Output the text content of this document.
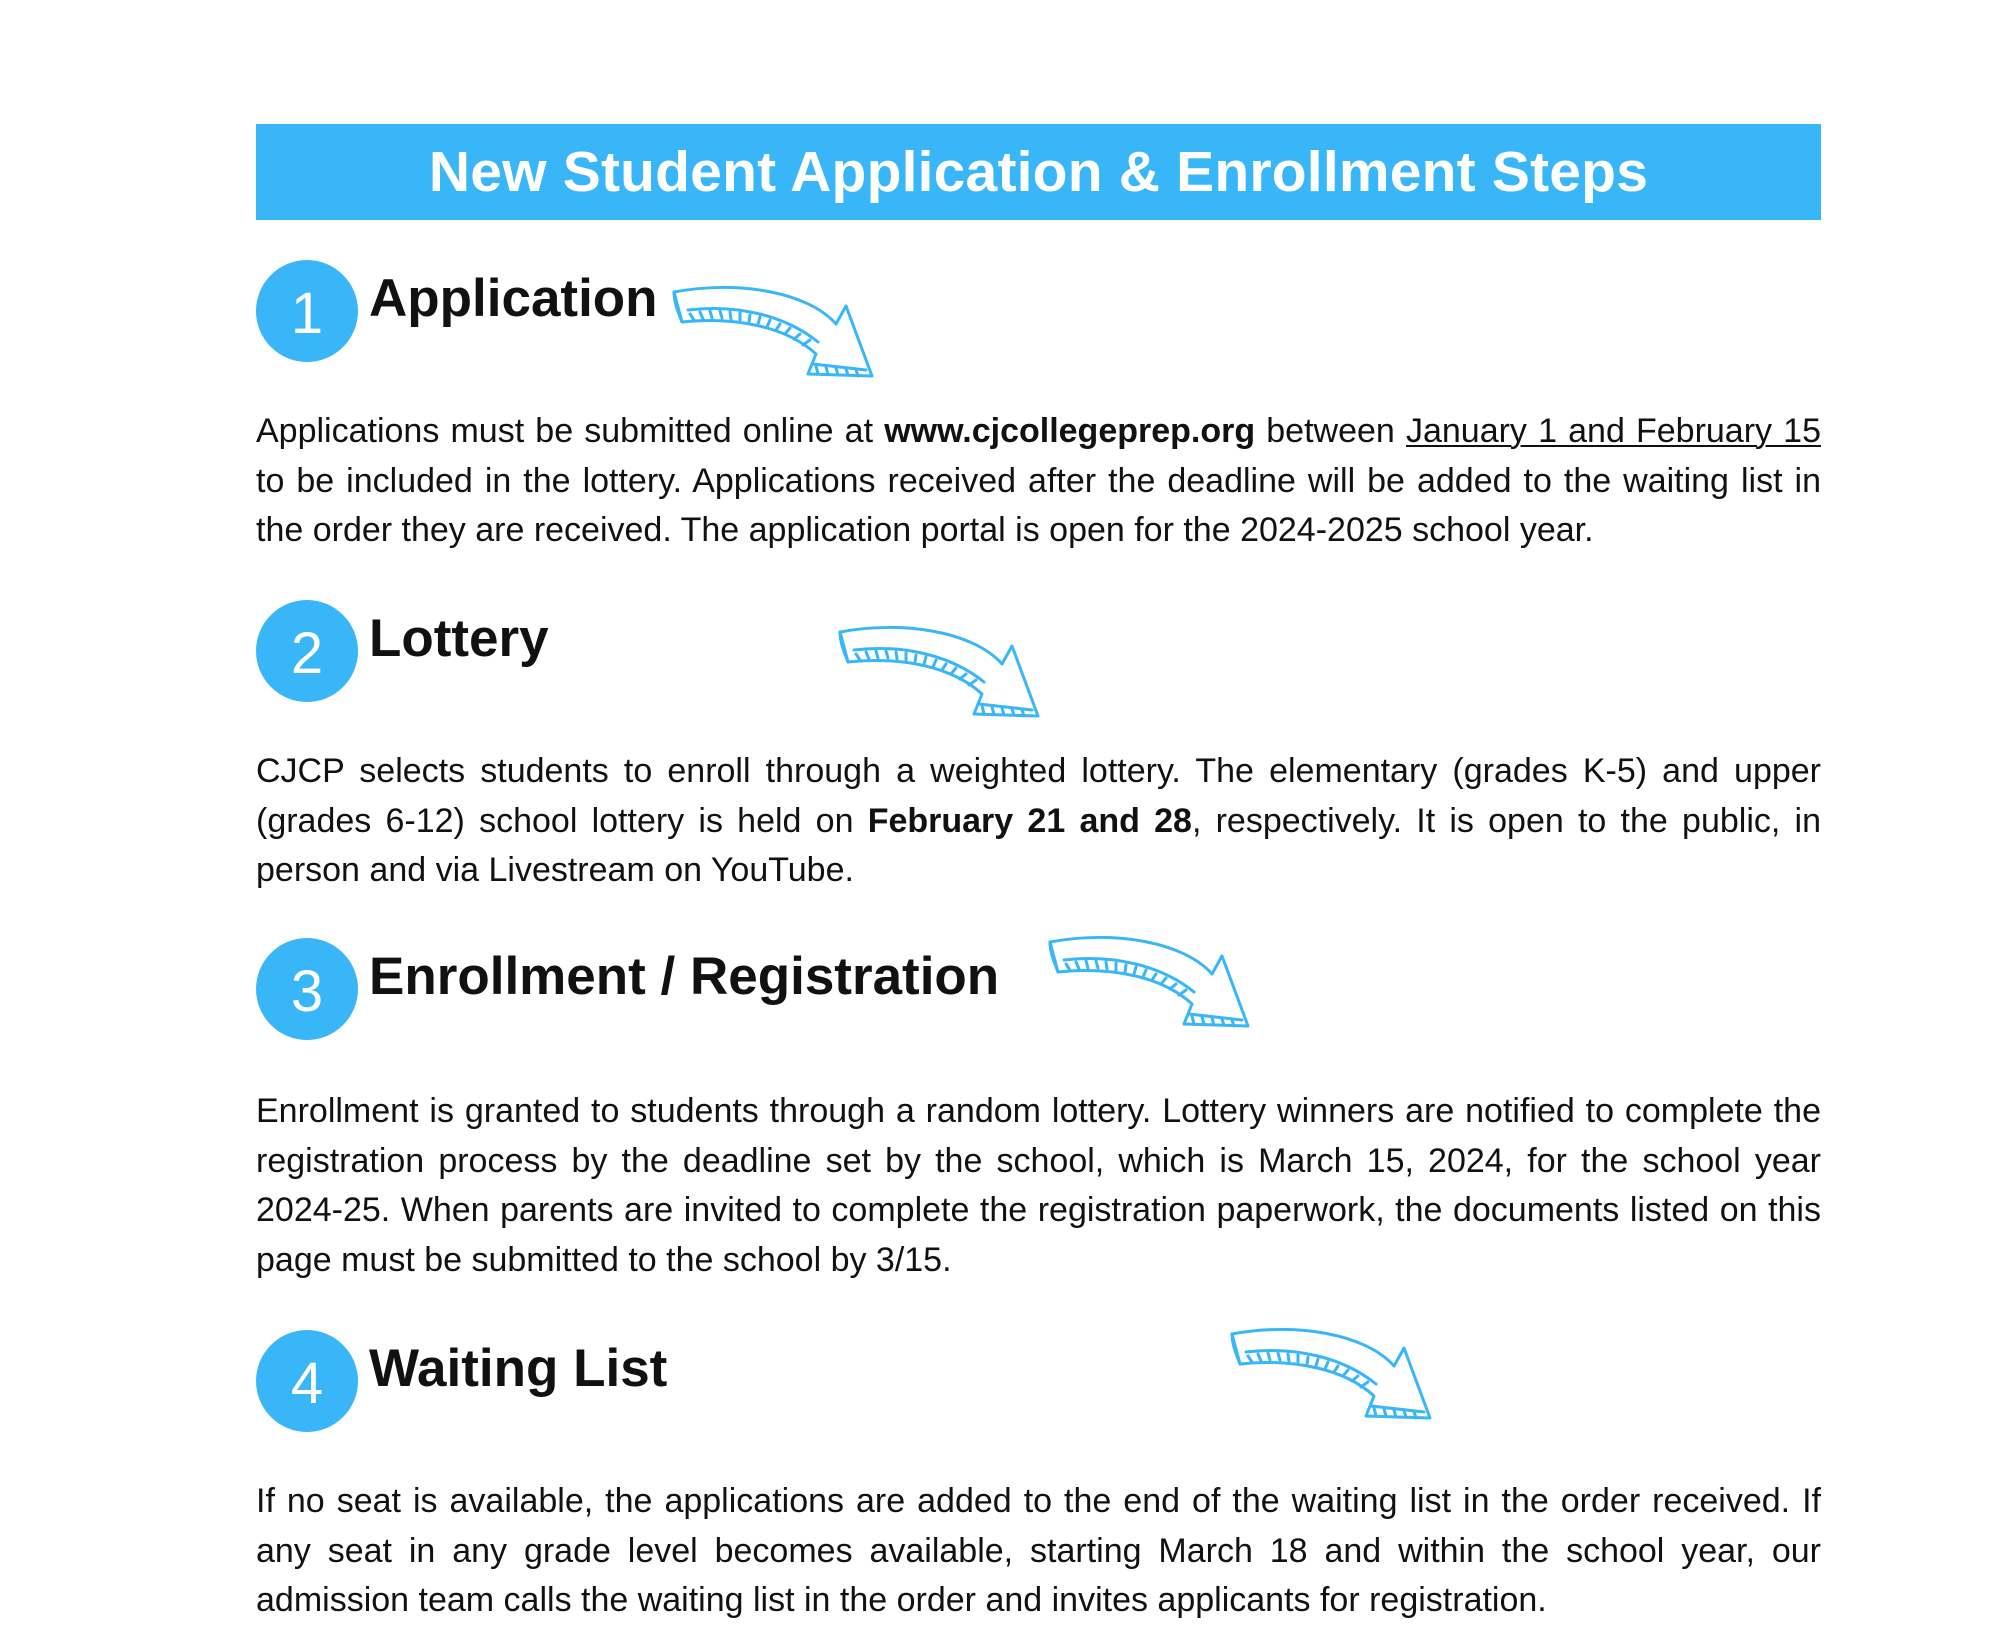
New Student Application & Enrollment Steps
1 Application

Applications must be submitted online at www.cjcollegeprep.org between January 1 and February 15 to be included in the lottery. Applications received after the deadline will be added to the waiting list in the order they are received. The application portal is open for the 2024-2025 school year.

2 Lottery

CJCP selects students to enroll through a weighted lottery. The elementary (grades K-5) and upper (grades 6-12) school lottery is held on February 21 and 28, respectively. It is open to the public, in person and via Livestream on YouTube.

3 Enrollment / Registration

Enrollment is granted to students through a random lottery. Lottery winners are notified to complete the registration process by the deadline set by the school, which is March 15, 2024, for the school year 2024-25. When parents are invited to complete the registration paperwork, the documents listed on this page must be submitted to the school by 3/15.

4 Waiting List

If no seat is available, the applications are added to the end of the waiting list in the order received. If any seat in any grade level becomes available, starting March 18 and within the school year, our admission team calls the waiting list in the order and invites applicants for registration.
